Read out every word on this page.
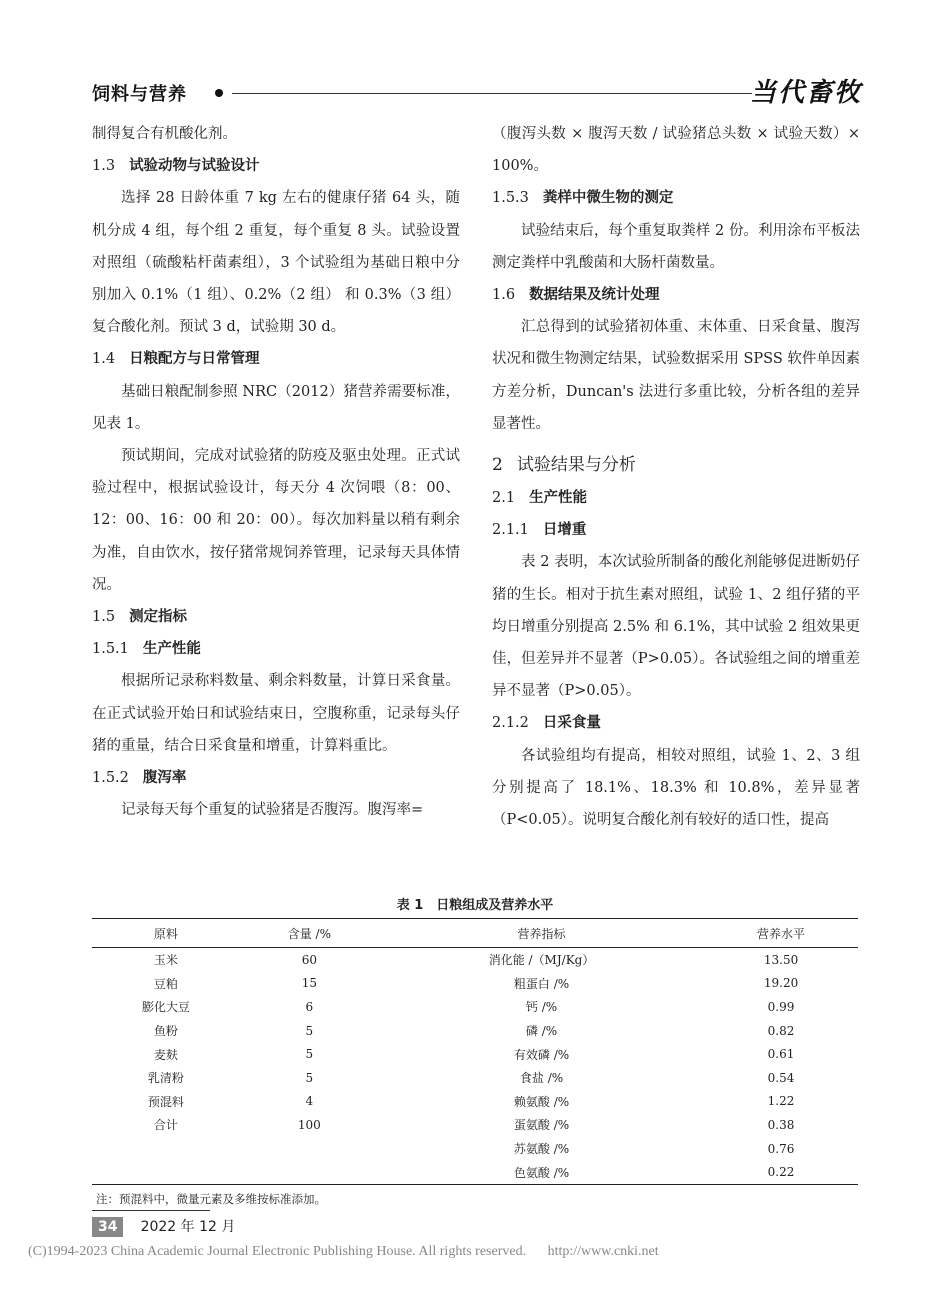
饲料与营养	当代畜牧

制得复合有机酸化剂。

1.3 试验动物与试验设计

选择 28 日龄体重 7 kg 左右的健康仔猪 64 头，随机分成 4 组，每个组 2 重复，每个重复 8 头。试验设置对照组（硫酸粘杆菌素组），3 个试验组为基础日粮中分别加入 0.1%（1 组）、0.2%（2 组） 和 0.3%（3 组）复合酸化剂。预试 3 d，试验期 30 d。

1.4 日粮配方与日常管理

基础日粮配制参照 NRC（2012）猪营养需要标准，见表 1。

预试期间，完成对试验猪的防疫及驱虫处理。正式试验过程中，根据试验设计，每天分 4 次饲喂（8：00、12：00、16：00 和 20：00）。每次加料量以稍有剩余为准，自由饮水，按仔猪常规饲养管理，记录每天具体情况。

1.5 测定指标

1.5.1 生产性能

根据所记录称料数量、剩余料数量，计算日采食量。在正式试验开始日和试验结束日，空腹称重，记录每头仔猪的重量，结合日采食量和增重，计算料重比。

1.5.2 腹泻率

记录每天每个重复的试验猪是否腹泻。腹泻率=

（腹泻头数 × 腹泻天数 / 试验猪总头数 × 试验天数）× 100%。

1.5.3 粪样中微生物的测定

试验结束后，每个重复取粪样 2 份。利用涂布平板法测定粪样中乳酸菌和大肠杆菌数量。

1.6 数据结果及统计处理

汇总得到的试验猪初体重、末体重、日采食量、腹泻状况和微生物测定结果，试验数据采用 SPSS 软件单因素方差分析，Duncan's 法进行多重比较，分析各组的差异显著性。

2 试验结果与分析

2.1 生产性能

2.1.1 日增重

表 2 表明，本次试验所制备的酸化剂能够促进断奶仔猪的生长。相对于抗生素对照组，试验 1、2 组仔猪的平均日增重分别提高 2.5% 和 6.1%，其中试验 2 组效果更佳，但差异并不显著（P>0.05）。各试验组之间的增重差异不显著（P>0.05）。

2.1.2 日采食量

各试验组均有提高，相较对照组，试验 1、2、3 组分别提高了 18.1%、18.3% 和 10.8%，差异显著（P<0.05）。说明复合酸化剂有较好的适口性，提高

表 1　日粮组成及营养水平
原料	含量 /%	营养指标	营养水平
玉米	60	消化能 /（MJ/Kg）	13.50
豆粕	15	粗蛋白 /%	19.20
膨化大豆	6	钙 /%	0.99
鱼粉	5	磷 /%	0.82
麦麸	5	有效磷 /%	0.61
乳清粉	5	食盐 /%	0.54
预混料	4	赖氨酸 /%	1.22
合计	100	蛋氨酸 /%	0.38
		苏氨酸 /%	0.76
		色氨酸 /%	0.22
注：预混料中，微量元素及多维按标准添加。
34 2022 年 12 月
(C)1994-2023 China Academic Journal Electronic Publishing House. All rights reserved. http://www.cnki.net
